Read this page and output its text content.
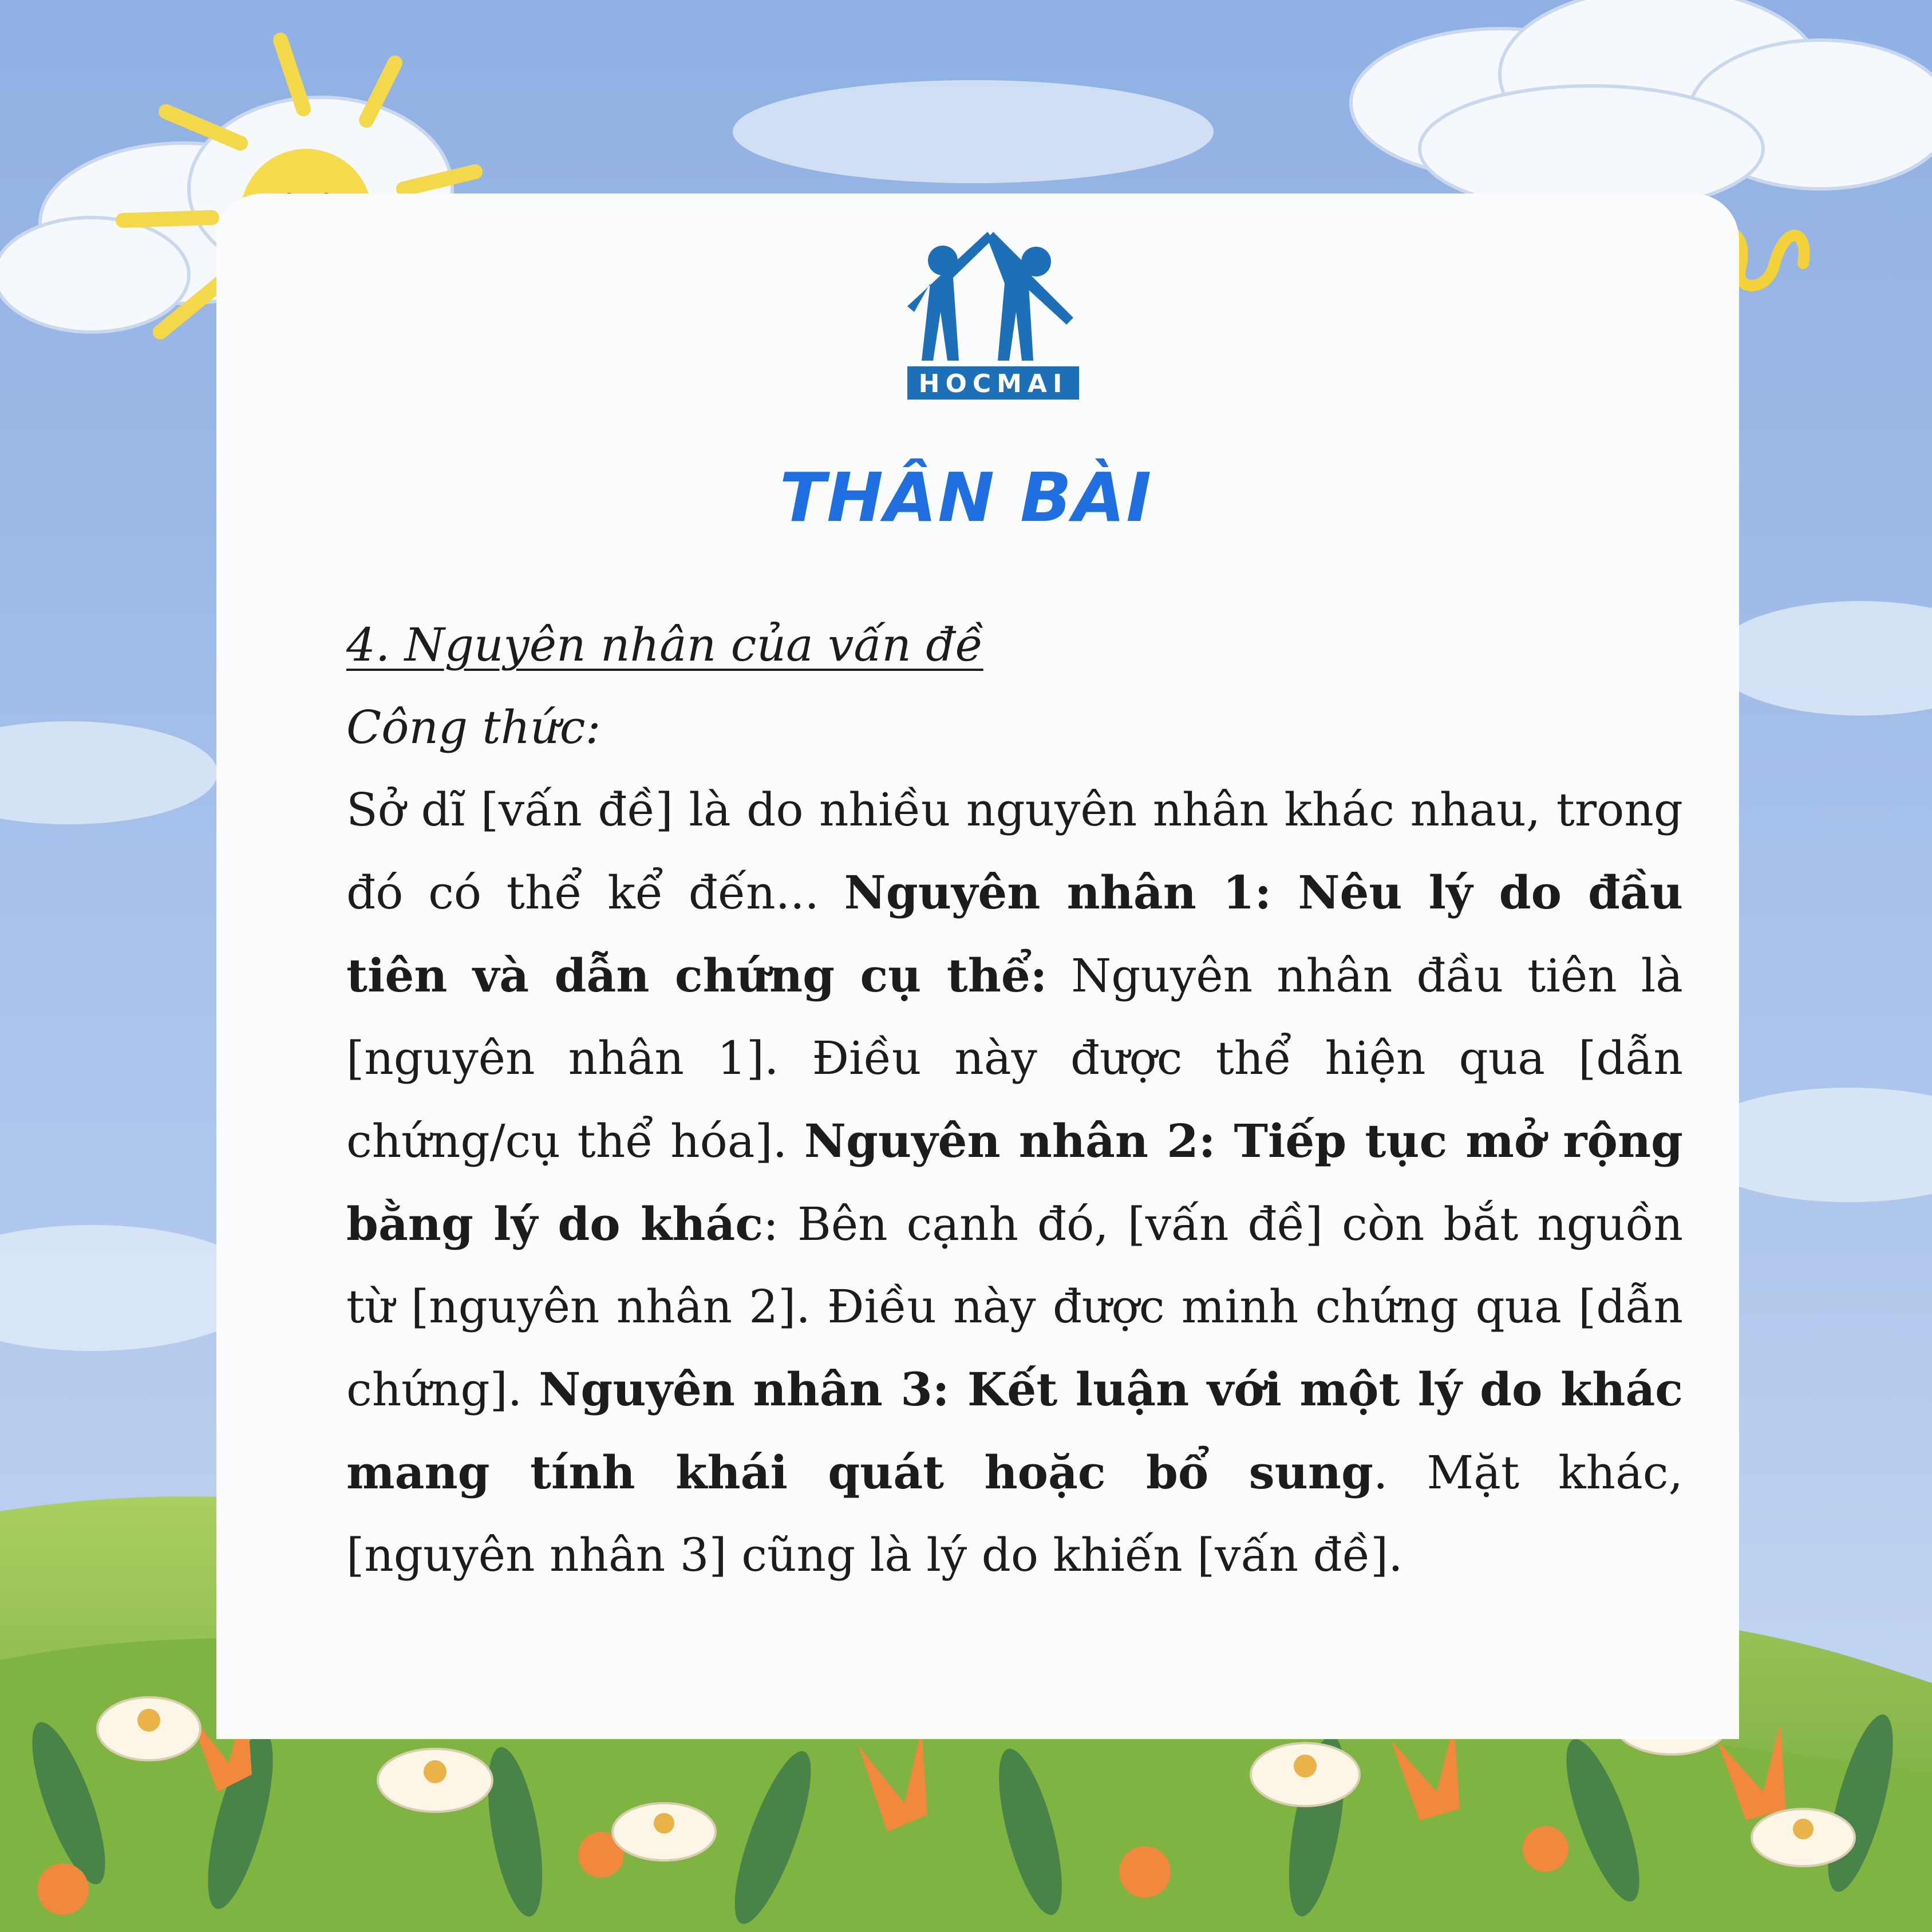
HOCMAI
THÂN BÀI
4. Nguyên nhân của vấn đề
Công thức:
Sở dĩ [vấn đề] là do nhiều nguyên nhân khác nhau, trong đó có thể kể đến... Nguyên nhân 1: Nêu lý do đầu tiên và dẫn chứng cụ thể: Nguyên nhân đầu tiên là [nguyên nhân 1]. Điều này được thể hiện qua [dẫn chứng/cụ thể hóa]. Nguyên nhân 2: Tiếp tục mở rộng bằng lý do khác: Bên cạnh đó, [vấn đề] còn bắt nguồn từ [nguyên nhân 2]. Điều này được minh chứng qua [dẫn chứng]. Nguyên nhân 3: Kết luận với một lý do khác mang tính khái quát hoặc bổ sung. Mặt khác, [nguyên nhân 3] cũng là lý do khiến [vấn đề].
